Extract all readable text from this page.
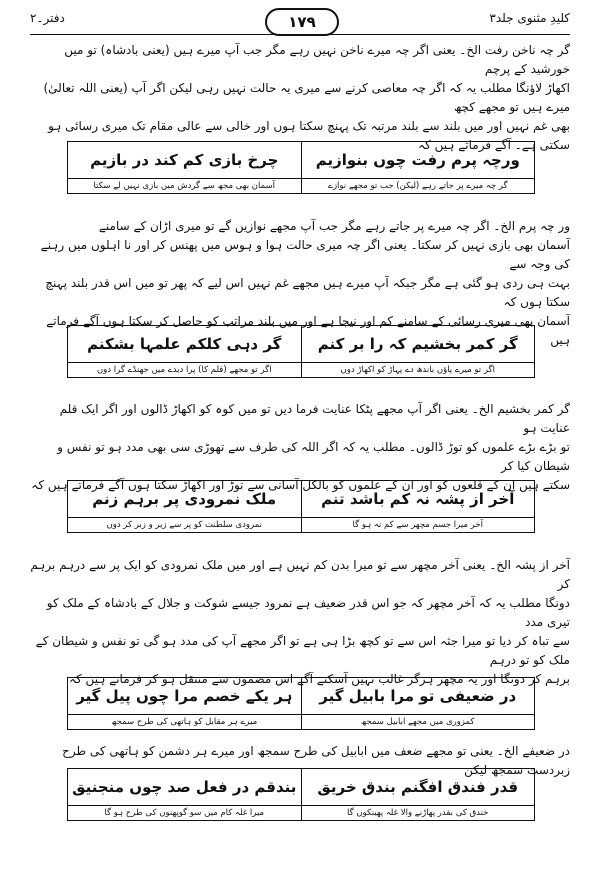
کلیدِ مثنوی جلد۳
۱۷۹
دفتر۔۲
گر چہ ناخن رفت الخ۔ یعنی اگر چہ میرے ناخن نہیں رہے مگر جب آپ میرے ہیں (یعنی بادشاہ) تو میں خورشید کے پرچم
اکھاڑ لاؤنگا مطلب یہ کہ اگر چہ معاصی کرنے سے میری یہ حالت نہیں رہی لیکن اگر آپ (یعنی اللہ تعالیٰ) میرے ہیں تو مجھے کچھ
بھی غم نہیں اور میں بلند سے بلند مرتبہ تک پہنچ سکتا ہوں اور خالی سے عالی مقام تک میری رسائی ہو سکتی ہے۔ آگے فرماتے ہیں کہ
ورچہ پرم رفت چوں بنوازیم
چرخ بازی کم کند در بازیم
گر چہ میرے پر جاتے رہے (لیکن) جب تو مجھے نوازے
آسمان بھی مجھ سے گردش میں بازی نہیں لے سکتا
ور چہ پرم الخ۔ اگر چہ میرے پر جاتے رہے مگر جب آپ مجھے نوازیں گے تو میری اڑان کے سامنے
آسمان بھی بازی نہیں کر سکتا۔ یعنی اگر چہ میری حالت ہوا و ہوس میں پھنس کر اور نا اہلوں میں رہنے کی وجہ سے
بہت ہی ردی ہو گئی ہے مگر جبکہ آپ میرے ہیں مجھے غم نہیں اس لیے کہ پھر تو میں اس قدر بلند پہنچ سکتا ہوں کہ
آسمان بھی میری رسائی کے سامنے کم اور نیچا ہے اور میں بلند مراتب کو حاصل کر سکتا ہوں آگے فرماتے ہیں
گر کمر بخشیم کہ را بر کنم
گر دہی کلکم علمہا بشکنم
اگر تو میرے پاؤں باندھ دے پہاڑ کو اکھاڑ دوں
اگر تو مجھے (قلم کا) پرا دیدے میں جھنڈے گرا دوں
گر کمر بخشیم الخ۔ یعنی اگر آپ مجھے پٹکا عنایت فرما دیں تو میں کوہ کو اکھاڑ ڈالوں اور اگر ایک قلم عنایت ہو
تو بڑے بڑے علموں کو توڑ ڈالوں۔ مطلب یہ کہ اگر اللہ کی طرف سے تھوڑی سی بھی مدد ہو تو نفس و شیطان کیا کر
سکتے ہیں ان کے قلعوں کو اور ان کے علموں کو بالکل آسانی سے توڑ اور اکھاڑ سکتا ہوں آگے فرماتے ہیں کہ
آخر از پشہ نہ کم باشد تنم
ملک نمرودی پر برہم زنم
آخر میرا جسم مچھر سے کم نہ ہو گا
نمرودی سلطنت کو پر سے زیر و زبر کر دوں
آخر از پشہ الخ۔ یعنی آخر مچھر سے تو میرا بدن کم نہیں ہے اور میں ملک نمرودی کو ایک پر سے درہم برہم کر
دونگا مطلب یہ کہ آخر مچھر کہ جو اس قدر ضعیف ہے نمرود جیسے شوکت و جلال کے بادشاہ کے ملک کو تیری مدد
سے تباہ کر دیا تو میرا جثہ اس سے تو کچھ بڑا ہی ہے تو اگر مجھے آپ کی مدد ہو گی تو نفس و شیطان کے ملک کو تو درہم
برہم کر دونگا اور یہ مچھر ہرگز غالب نہیں آسکتے آگے اس مضمون سے منتقل ہو کر فرماتے ہیں کہ
در ضعیفی تو مرا بابیل گیر
ہر یکے خصم مرا چوں پیل گیر
کمزوری میں مجھے ابابیل سمجھ
میرے ہر مقابل کو ہاتھی کی طرح سمجھ
در ضعیفے الخ۔ یعنی تو مجھے ضعف میں ابابیل کی طرح سمجھ اور میرے ہر دشمن کو ہاتھی کی طرح زبردست سمجھ لیکن
قدر فندق افگنم بندق خریق
بندقم در فعل صد چوں منجنیق
خندق کی بقدر پھاڑنے والا غلہ پھینکوں گا
میرا غلہ کام میں سو گوپھنوں کی طرح ہو گا
